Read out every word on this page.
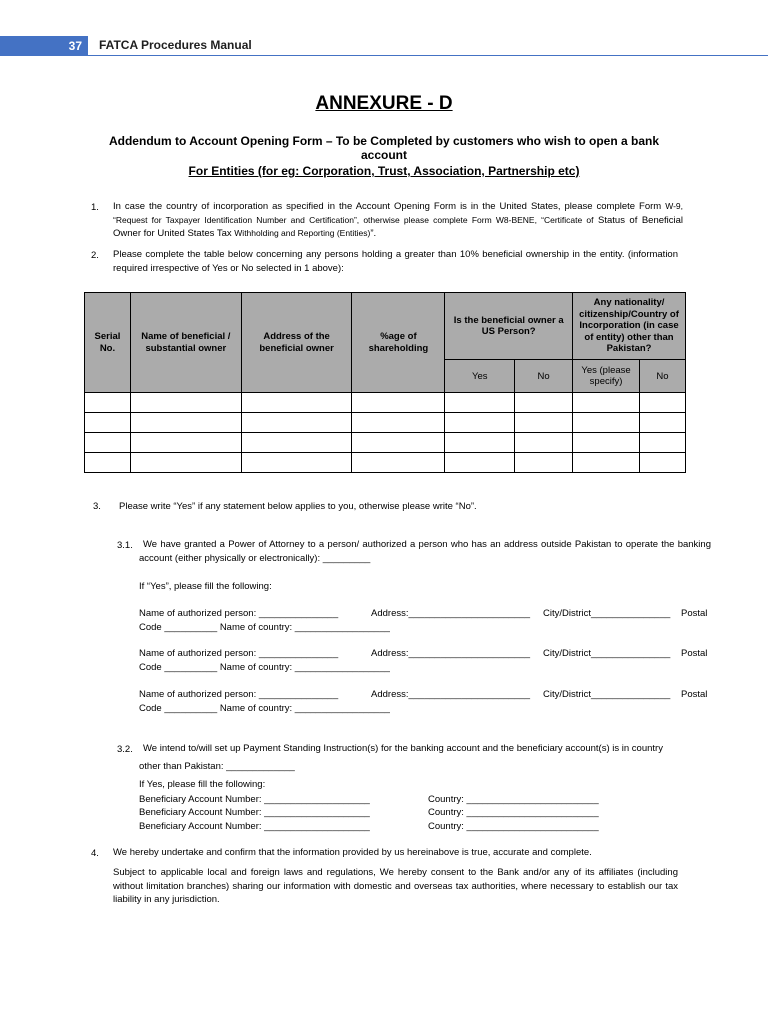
37 FATCA Procedures Manual
ANNEXURE - D
Addendum to Account Opening Form – To be Completed by customers who wish to open a bank account
For Entities (for eg: Corporation, Trust, Association, Partnership etc)
1. In case the country of incorporation as specified in the Account Opening Form is in the United States, please complete Form W-9, “Request for Taxpayer Identification Number and Certification”, otherwise please complete Form W8-BENE, “Certificate of Status of Beneficial Owner for United States Tax Withholding and Reporting (Entities)”.
2. Please complete the table below concerning any persons holding a greater than 10% beneficial ownership in the entity. (information required irrespective of Yes or No selected in 1 above):
Serial No.	Name of beneficial / substantial owner	Address of the beneficial owner	%age of shareholding	Is the beneficial owner a US Person?		Any nationality/ citizenship/Country of Incorporation (in case of entity) other than Pakistan?	
				Yes	No	Yes (please specify)	No

3. Please write “Yes” if any statement below applies to you, otherwise please write “No”.
3.1.	We have granted a Power of Attorney to a person/ authorized a person who has an address outside Pakistan to operate the banking account (either physically or electronically): _________
If “Yes”, please fill the following:
Name of authorized person: _______________	Address:_______________________ City/District_______________ Postal
Code __________ Name of country: __________________
Name of authorized person: _______________	Address:_______________________ City/District_______________ Postal
Code __________ Name of country: __________________
Name of authorized person: _______________	Address:_______________________ City/District_______________ Postal
Code __________ Name of country: __________________
3.2. We intend to/will set up Payment Standing Instruction(s) for the banking account and the beneficiary account(s) is in country
other than Pakistan: _____________
If Yes, please fill the following:
Beneficiary Account Number: ____________________	Country: _________________________
Beneficiary Account Number: ____________________	Country: _________________________
Beneficiary Account Number: ____________________	Country: _________________________
4. We hereby undertake and confirm that the information provided by us hereinabove is true, accurate and complete.
Subject to applicable local and foreign laws and regulations, We hereby consent to the Bank and/or any of its affiliates (including without limitation branches) sharing our information with domestic and overseas tax authorities, where necessary to establish our tax liability in any jurisdiction.
